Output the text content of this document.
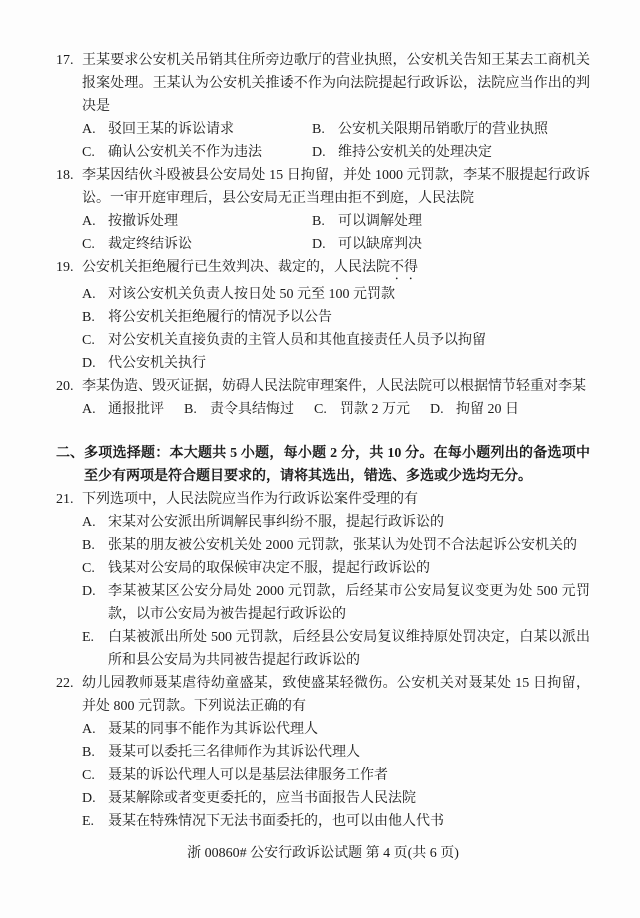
17. 王某要求公安机关吊销其住所旁边歌厅的营业执照，公安机关告知王某去工商机关报案处理。王某认为公安机关推诿不作为向法院提起行政诉讼，法院应当作出的判决是
A. 驳回王某的诉讼请求	B. 公安机关限期吊销歌厅的营业执照
C. 确认公安机关不作为违法	D. 维持公安机关的处理决定
18. 李某因结伙斗殴被县公安局处 15 日拘留，并处 1000 元罚款，李某不服提起行政诉讼。一审开庭审理后，县公安局无正当理由拒不到庭，人民法院
A. 按撤诉处理	B. 可以调解处理
C. 裁定终结诉讼	D. 可以缺席判决
19. 公安机关拒绝履行已生效判决、裁定的，人民法院不得
A. 对该公安机关负责人按日处 50 元至 100 元罚款
B. 将公安机关拒绝履行的情况予以公告
C. 对公安机关直接负责的主管人员和其他直接责任人员予以拘留
D. 代公安机关执行
20. 李某伪造、毁灭证据，妨碍人民法院审理案件，人民法院可以根据情节轻重对李某
A. 通报批评 B. 责令具结悔过 C. 罚款 2 万元 D. 拘留 20 日
二、 多项选择题：本大题共 5 小题，每小题 2 分，共 10 分。在每小题列出的备选项中至少有两项是符合题目要求的，请将其选出，错选、多选或少选均无分。
21. 下列选项中，人民法院应当作为行政诉讼案件受理的有
A. 宋某对公安派出所调解民事纠纷不服，提起行政诉讼的
B. 张某的朋友被公安机关处 2000 元罚款，张某认为处罚不合法起诉公安机关的
C. 钱某对公安局的取保候审决定不服，提起行政诉讼的
D. 李某被某区公安分局处 2000 元罚款，后经某市公安局复议变更为处 500 元罚款，以市公安局为被告提起行政诉讼的
E. 白某被派出所处 500 元罚款，后经县公安局复议维持原处罚决定，白某以派出所和县公安局为共同被告提起行政诉讼的
22. 幼儿园教师聂某虐待幼童盛某，致使盛某轻微伤。公安机关对聂某处 15 日拘留，并处 800 元罚款。下列说法正确的有
A. 聂某的同事不能作为其诉讼代理人
B. 聂某可以委托三名律师作为其诉讼代理人
C. 聂某的诉讼代理人可以是基层法律服务工作者
D. 聂某解除或者变更委托的，应当书面报告人民法院
E. 聂某在特殊情况下无法书面委托的，也可以由他人代书
浙 00860# 公安行政诉讼试题 第 4 页(共 6 页)
